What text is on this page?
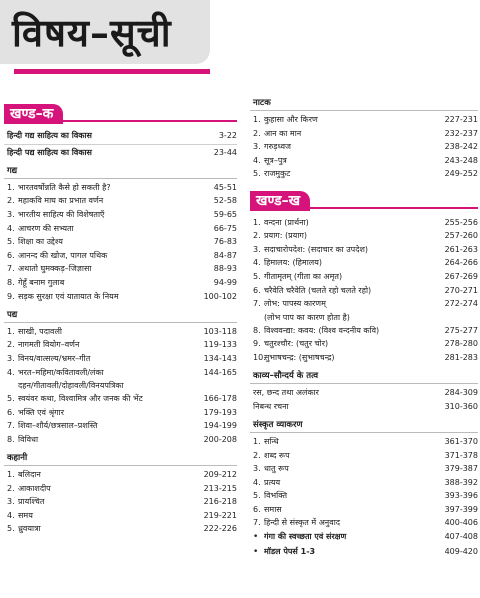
विषय–सूची
खण्ड–क
हिन्दी गद्य साहित्य का विकास	3-22
हिन्दी पद्य साहित्य का विकास	23-44
गद्य
1. भारतवर्षोन्नति कैसे हो सकती है?	45-51
2. महाकवि माघ का प्रभात वर्णन	52-58
3. भारतीय साहित्य की विशेषताएँ	59-65
4. आचरण की सभ्यता	66-75
5. शिक्षा का उद्देश्य	76-83
6. आनन्द की खोज, पागल पथिक	84-87
7. अथातो घुमक्कड़–जिज्ञासा	88-93
8. गेहूँ बनाम गुलाब	94-99
9. सड़क सुरक्षा एवं यातायात के नियम	100-102
पद्य
1. साखी, पदावली	103-118
2. नागमती वियोग–वर्णन	119-133
3. विनय/वात्सल्य/भ्रमर–गीत	134-143
4. भरत–महिमा/कवितावली/लंका	144-165
दहन/गीतावली/दोहावली/विनयपत्रिका
5. स्वयंवर कथा, विश्वामित्र और जनक की भेंट	166-178
6. भक्ति एवं श्रृंगार	179-193
7. शिवा–शौर्य/छत्रसाल–प्रशस्ति	194-199
8. विविधा	200-208
कहानी
1. बलिदान	209-212
2. आकाशदीप	213-215
3. प्रायश्चित	216-218
4. समय	219-221
5. ध्रुवयात्रा	222-226
नाटक
1. कुहासा और किरण	227-231
2. आन का मान	232-237
3. गरुड़ध्वज	238-242
4. सूत्र–पुत्र	243-248
5. राजमुकुट	249-252
खण्ड–ख
1. वन्दना (प्रार्थना)	255-256
2. प्रयाग: (प्रयाग)	257-260
3. सदाचारोपदेश: (सदाचार का उपदेश)	261-263
4. हिमालय: (हिमालय)	264-266
5. गीतामृतम् (गीता का अमृत)	267-269
6. चरैवेति चरैवेति (चलते रहो चलते रहो)	270-271
7. लोभ: पापस्य कारणम्	272-274
(लोभ पाप का कारण होता है)
8. विश्ववन्द्या: कवय: (विश्व वन्दनीय कवि)	275-277
9. चतुरश्चौर: (चतुर चोर)	278-280
10.
सुभाषचन्द्र: (सुभाषचन्द्र)	281-283
काव्य–सौन्दर्य के तत्व
रस, छन्द तथा अलंकार	284-309
निबन्ध रचना	310-360
संस्कृत व्याकरण
1. सन्धि	361-370
2. शब्द रूप	371-378
3. धातु रूप	379-387
4. प्रत्यय	388-392
5. विभक्ति	393-396
6. समास	397-399
7. हिन्दी से संस्कृत में अनुवाद	400-406
• गंगा की स्वच्छता एवं संरक्षण	407-408
• मॉडल पेपर्स 1-3	409-420
